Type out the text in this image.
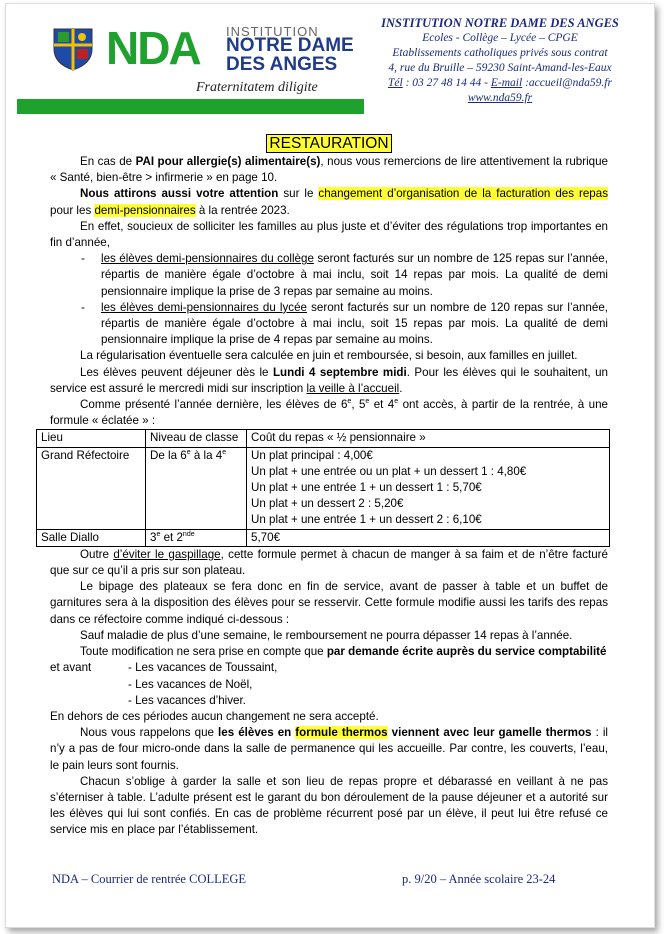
NDA	INSTITUTION
NOTRE DAME
DES ANGES
Fraternitatem diligite
INSTITUTION NOTRE DAME DES ANGES
Ecoles - Collège – Lycée – CPGE
Etablissements catholiques privés sous contrat
4, rue du Bruille – 59230 Saint-Amand-les-Eaux
Tél : 03 27 48 14 44 - E-mail :accueil@nda59.fr
www.nda59.fr
RESTAURATION

En cas de PAI pour allergie(s) alimentaire(s), nous vous remercions de lire attentivement la rubrique « Santé, bien-être > infirmerie » en page 10.

Nous attirons aussi votre attention sur le changement d’organisation de la facturation des repas pour les demi-pensionnaires à la rentrée 2023.

En effet, soucieux de solliciter les familles au plus juste et d’éviter des régulations trop importantes en fin d’année,

- les élèves demi-pensionnaires du collège seront facturés sur un nombre de 125 repas sur l’année, répartis de manière égale d’octobre à mai inclu, soit 14 repas par mois. La qualité de demi pensionnaire implique la prise de 3 repas par semaine au moins.
- les élèves demi-pensionnaires du lycée seront facturés sur un nombre de 120 repas sur l’année, répartis de manière égale d’octobre à mai inclu, soit 15 repas par mois. La qualité de demi pensionnaire implique la prise de 4 repas par semaine au moins.

La régularisation éventuelle sera calculée en juin et remboursée, si besoin, aux familles en juillet.

Les élèves peuvent déjeuner dès le Lundi 4 septembre midi. Pour les élèves qui le souhaitent, un service est assuré le mercredi midi sur inscription la veille à l’accueil.

Comme présenté l’année dernière, les élèves de 6e, 5e et 4e ont accès, à partir de la rentrée, à une formule « éclatée » :

Lieu	Niveau de classe	Coût du repas « ½ pensionnaire »
Grand Réfectoire	De la 6e à la 4e	Un plat principal : 4,00€
Un plat + une entrée ou un plat + un dessert 1 : 4,80€
Un plat + une entrée 1 + un dessert 1 : 5,70€
Un plat + un dessert 2 : 5,20€
Un plat + une entrée 1 + un dessert 2 : 6,10€

Salle Diallo	3e et 2nde	5,70€

Outre d’éviter le gaspillage, cette formule permet à chacun de manger à sa faim et de n’être facturé que sur ce qu’il a pris sur son plateau.

Le bipage des plateaux se fera donc en fin de service, avant de passer à table et un buffet de garnitures sera à la disposition des élèves pour se resservir. Cette formule modifie aussi les tarifs des repas dans ce réfectoire comme indiqué ci-dessous :

Sauf maladie de plus d’une semaine, le remboursement ne pourra dépasser 14 repas à l’année.

Toute modification ne sera prise en compte que par demande écrite auprès du service comptabilité

et avant	- Les vacances de Toussaint,
- Les vacances de Noël,
- Les vacances d’hiver.

En dehors de ces périodes aucun changement ne sera accepté.

Nous vous rappelons que les élèves en formule thermos viennent avec leur gamelle thermos : il n’y a pas de four micro-onde dans la salle de permanence qui les accueille. Par contre, les couverts, l’eau, le pain leurs sont fournis.

Chacun s’oblige à garder la salle et son lieu de repas propre et débarassé en veillant à ne pas s’éterniser à table. L’adulte présent est le garant du bon déroulement de la pause déjeuner et a autorité sur les élèves qui lui sont confiés. En cas de problème récurrent posé par un élève, il peut lui être refusé ce service mis en place par l’établissement.

NDA – Courrier de rentrée COLLEGE	p. 9/20 – Année scolaire 23-24
